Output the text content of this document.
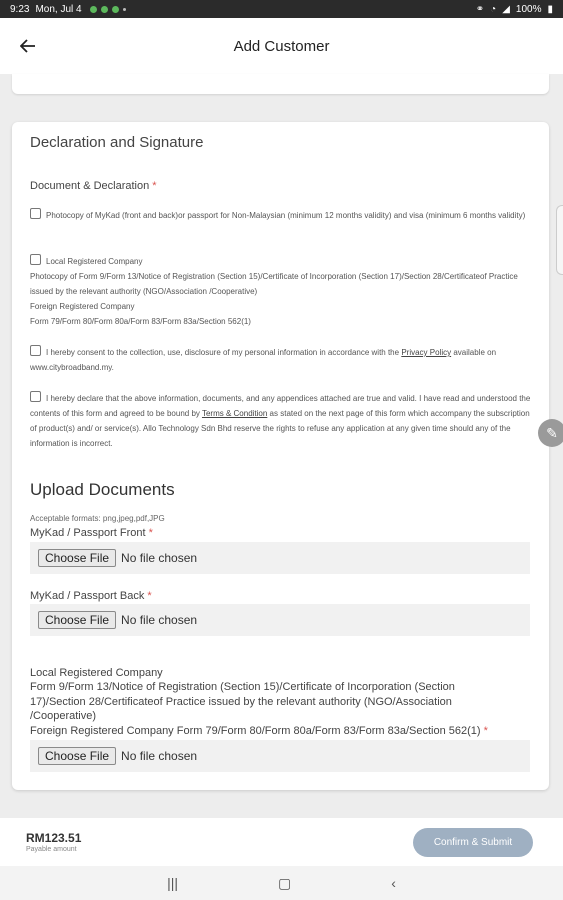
9:23 Mon, Jul 4	⚭ ◔ ◢ 100% ▮
Add Customer
Declaration and Signature
Document & Declaration *
Photocopy of MyKad (front and back)or passport for Non-Malaysian (minimum 12 months validity) and visa (minimum 6 months validity)
Local Registered Company
Photocopy of Form 9/Form 13/Notice of Registration (Section 15)/Certificate of Incorporation (Section 17)/Section 28/Certificateof Practice issued by the relevant authority (NGO/Association /Cooperative)
Foreign Registered Company
Form 79/Form 80/Form 80a/Form 83/Form 83a/Section 562(1)
I hereby consent to the collection, use, disclosure of my personal information in accordance with the Privacy Policy available on www.citybroadband.my.
I hereby declare that the above information, documents, and any appendices attached are true and valid. I have read and understood the contents of this form and agreed to be bound by Terms & Condition as stated on the next page of this form which accompany the subscription of product(s) and/ or service(s). Allo Technology Sdn Bhd reserve the rights to refuse any application at any given time should any of the information is incorrect.
Upload Documents
Acceptable formats: png,jpeg,pdf,JPG
MyKad / Passport Front *
Choose File	No file chosen
MyKad / Passport Back *
Choose File	No file chosen

Local Registered Company
Form 9/Form 13/Notice of Registration (Section 15)/Certificate of Incorporation (Section 17)/Section 28/Certificateof Practice issued by the relevant authority (NGO/Association /Cooperative)
Foreign Registered Company Form 79/Form 80/Form 80a/Form 83/Form 83a/Section 562(1) *

Choose File	No file chosen
✎
RM123.51
Payable amount
Confirm & Submit
|||	▢	‹
